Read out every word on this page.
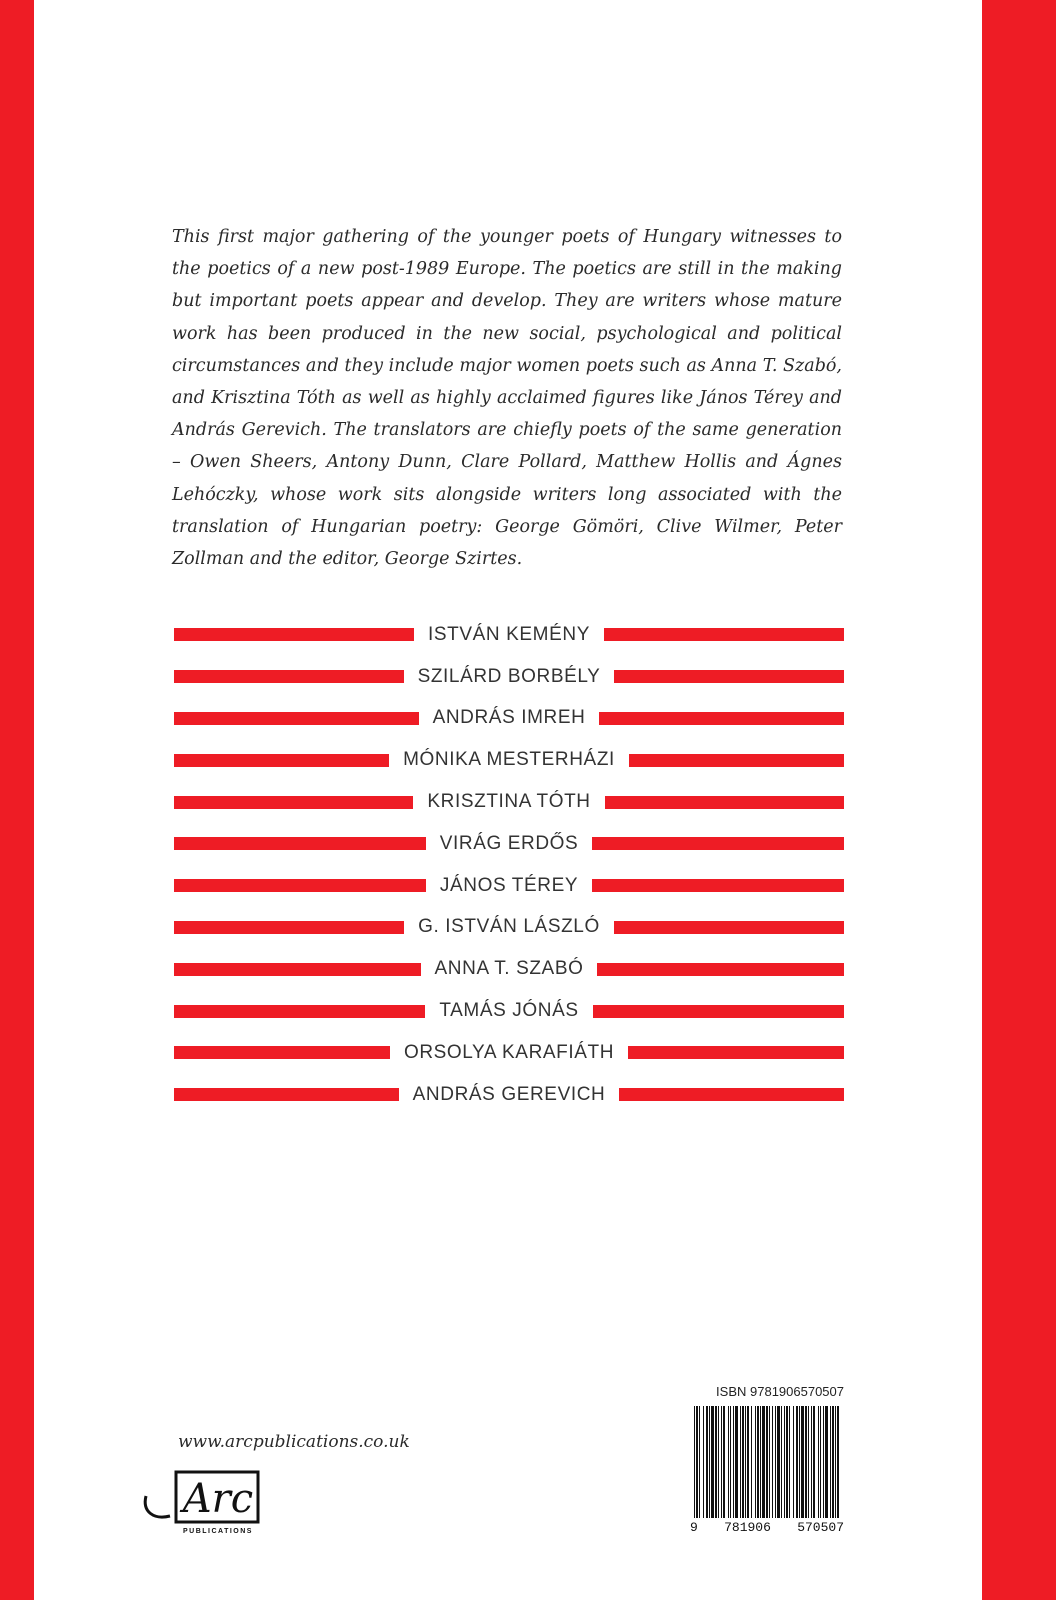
This first major gathering of the younger poets of Hungary witnesses to the poetics of a new post-1989 Europe. The poetics are still in the making but important poets appear and develop. They are writers whose mature work has been produced in the new social, psychological and political circumstances and they include major women poets such as Anna T. Szabó, and Krisztina Tóth as well as highly acclaimed figures like János Térey and András Gerevich. The translators are chiefly poets of the same generation – Owen Sheers, Antony Dunn, Clare Pollard, Matthew Hollis and Ágnes Lehóczky, whose work sits alongside writers long associated with the translation of Hungarian poetry: George Gömöri, Clive Wilmer, Peter Zollman and the editor, George Szirtes.

ISTVÁN KEMÉNY
SZILÁRD BORBÉLY
ANDRÁS IMREH
MÓNIKA MESTERHÁZI
KRISZTINA TÓTH
VIRÁG ERDŐS
JÁNOS TÉREY
G. ISTVÁN LÁSZLÓ
ANNA T. SZABÓ
TAMÁS JÓNÁS
ORSOLYA KARAFIÁTH
ANDRÁS GEREVICH
www.arcpublications.co.uk
Arc
PUBLICATIONS
ISBN 9781906570507
9 781906 570507
